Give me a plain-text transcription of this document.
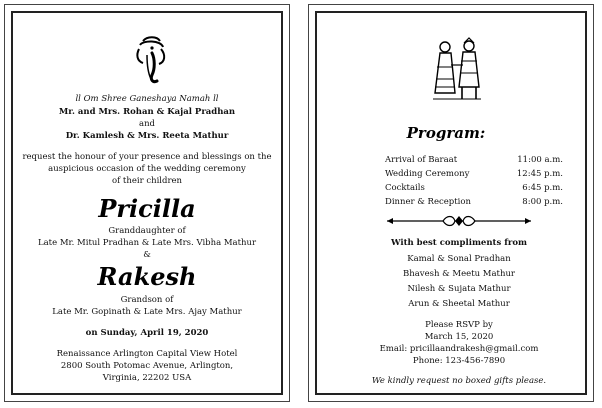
ll Om Shree Ganeshaya Namah ll
Mr. and Mrs. Rohan & Kajal Pradhan
and
Dr. Kamlesh & Mrs. Reeta Mathur
request the honour of your presence and blessings on the
auspicious occasion of the wedding ceremony
of their children
Pricilla
Granddaughter of
Late Mr. Mitul Pradhan & Late Mrs. Vibha Mathur
&
Rakesh
Grandson of
Late Mr. Gopinath & Late Mrs. Ajay Mathur
on Sunday, April 19, 2020
Renaissance Arlington Capital View Hotel
2800 South Potomac Avenue, Arlington,
Virginia, 22202 USA
Program:
Arrival of Baraat	11:00 a.m.
Wedding Ceremony	12:45 p.m.
Cocktails	6:45 p.m.
Dinner & Reception	8:00 p.m.
With best compliments from
Kamal & Sonal Pradhan
Bhavesh & Meetu Mathur
Nilesh & Sujata Mathur
Arun & Sheetal Mathur
Please RSVP by
March 15, 2020
Email: pricillaandrakesh@gmail.com
Phone: 123-456-7890
We kindly request no boxed gifts please.
